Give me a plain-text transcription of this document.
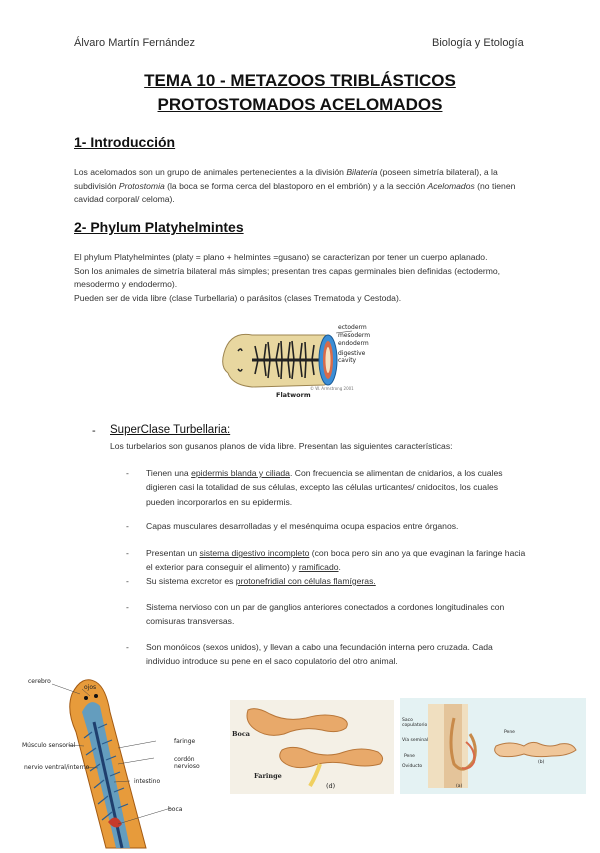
Álvaro Martín Fernández	Biología y Etología
TEMA 10 - METAZOOS TRIBLÁSTICOS
PROTOSTOMADOS ACELOMADOS
1- Introducción
Los acelomados son un grupo de animales pertenecientes a la división Bilateria (poseen simetría bilateral), a la subdivisión Protostomia (la boca se forma cerca del blastoporo en el embrión) y a la sección Acelomados (no tienen cavidad corporal/ celoma).
2- Phylum Platyhelmintes
El phylum Platyhelmintes (platy = plano + helmintes =gusano) se caracterizan por tener un cuerpo aplanado.
Son los animales de simetría bilateral más simples; presentan tres capas germinales bien definidas (ectodermo, mesodermo y endodermo).
Pueden ser de vida libre (clase Turbellaria) o parásitos (clases Trematoda y Cestoda).
ectoderm
mesoderm
endoderm
digestive cavity
Flatworm
© W. Armstrong 2001
- SuperClase Turbellaria:
Los turbelarios son gusanos planos de vida libre. Presentan las siguientes características:
- Tienen una epidermis blanda y ciliada. Con frecuencia se alimentan de cnidarios, a los cuales digieren casi la totalidad de sus células, excepto las células urticantes/ cnidocitos, los cuales pueden incorporarlos en su epidermis.
- Capas musculares desarrolladas y el mesénquima ocupa espacios entre órganos.
- Presentan un sistema digestivo incompleto (con boca pero sin ano ya que evaginan la faringe hacia el exterior para conseguir el alimento) y ramificado.
- Su sistema excretor es protonefridial con células flamígeras.
- Sistema nervioso con un par de ganglios anteriores conectados a cordones longitudinales con comisuras transversas.
- Son monóicos (sexos unidos), y llevan a cabo una fecundación interna pero cruzada. Cada individuo introduce su pene en el saco copulatorio del otro animal.
cerebro
ojos
faringe
Músculo sensorial
cordón nervioso
nervio ventral/interno
intestino
boca
Boca
Faringe
(d)
Saco copulatorio
Vía seminal
Pene
Oviducto
Pene
(a)
(b)
